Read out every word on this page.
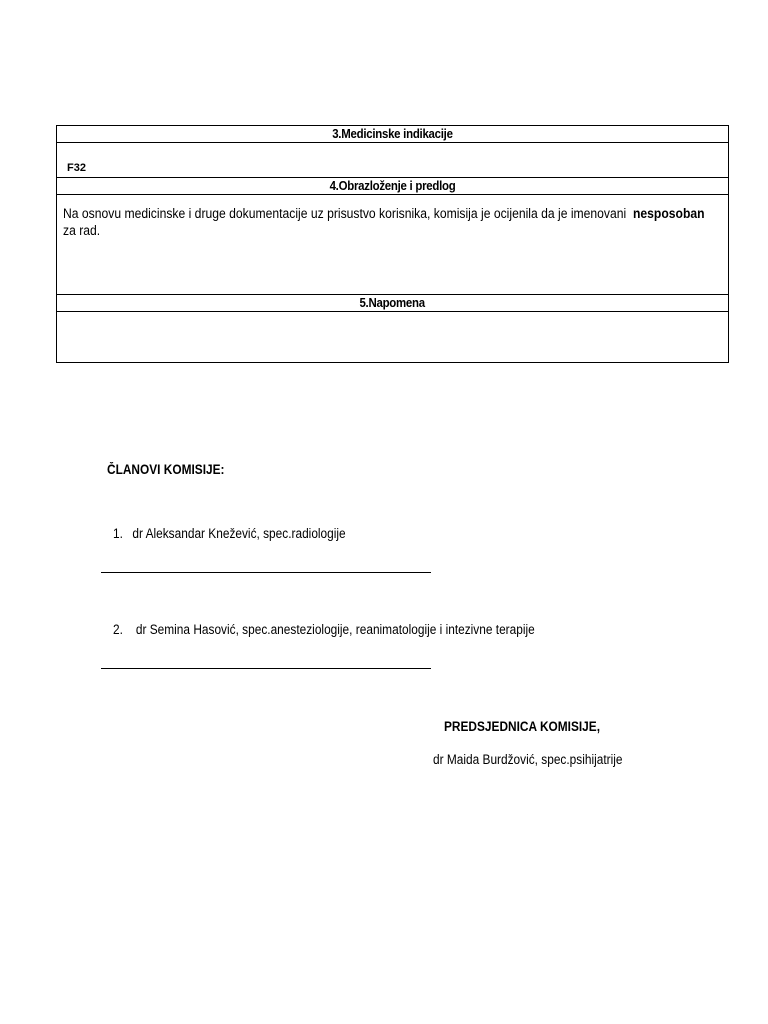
3.Medicinske indikacije

F32

4.Obrazloženje i predlog

Na osnovu medicinske i druge dokumentacije uz prisustvo korisnika, komisija je ocijenila da je imenovani nesposoban
za rad.

5.Napomena

ČLANOVI KOMISIJE:
1. dr Aleksandar Knežević, spec.radiologije
2. dr Semina Hasović, spec.anesteziologije, reanimatologije i intezivne terapije
PREDSJEDNICA KOMISIJE,
dr Maida Burdžović, spec.psihijatrije
